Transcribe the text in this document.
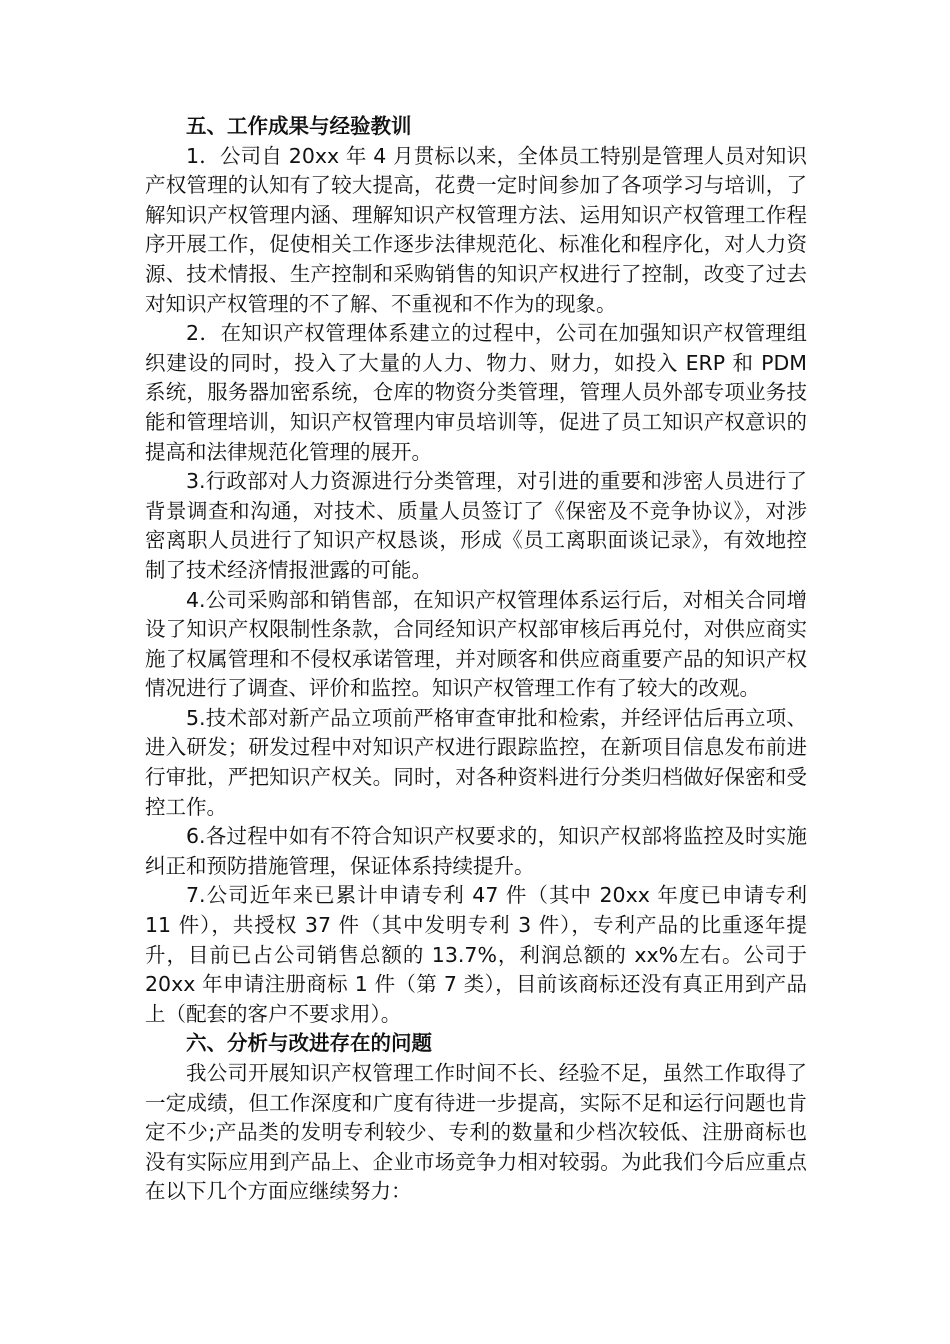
五、工作成果与经验教训

1．公司自 20xx 年 4 月贯标以来，全体员工特别是管理人员对知识产权管理的认知有了较大提高，花费一定时间参加了各项学习与培训，了解知识产权管理内涵、理解知识产权管理方法、运用知识产权管理工作程序开展工作，促使相关工作逐步法律规范化、标准化和程序化，对人力资源、技术情报、生产控制和采购销售的知识产权进行了控制，改变了过去对知识产权管理的不了解、不重视和不作为的现象。

2．在知识产权管理体系建立的过程中，公司在加强知识产权管理组织建设的同时，投入了大量的人力、物力、财力，如投入 ERP 和 PDM 系统，服务器加密系统，仓库的物资分类管理，管理人员外部专项业务技能和管理培训，知识产权管理内审员培训等，促进了员工知识产权意识的提高和法律规范化管理的展开。

3.行政部对人力资源进行分类管理，对引进的重要和涉密人员进行了背景调查和沟通，对技术、质量人员签订了《保密及不竞争协议》，对涉密离职人员进行了知识产权恳谈，形成《员工离职面谈记录》，有效地控制了技术经济情报泄露的可能。

4.公司采购部和销售部，在知识产权管理体系运行后，对相关合同增设了知识产权限制性条款，合同经知识产权部审核后再兑付，对供应商实施了权属管理和不侵权承诺管理，并对顾客和供应商重要产品的知识产权情况进行了调查、评价和监控。知识产权管理工作有了较大的改观。

5.技术部对新产品立项前严格审查审批和检索，并经评估后再立项、进入研发；研发过程中对知识产权进行跟踪监控，在新项目信息发布前进行审批，严把知识产权关。同时，对各种资料进行分类归档做好保密和受控工作。

6.各过程中如有不符合知识产权要求的，知识产权部将监控及时实施纠正和预防措施管理，保证体系持续提升。

7.公司近年来已累计申请专利 47 件（其中 20xx 年度已申请专利 11 件），共授权 37 件（其中发明专利 3 件），专利产品的比重逐年提升，目前已占公司销售总额的 13.7%，利润总额的 xx%左右。公司于 20xx 年申请注册商标 1 件（第 7 类），目前该商标还没有真正用到产品上（配套的客户不要求用）。

六、分析与改进存在的问题

我公司开展知识产权管理工作时间不长、经验不足，虽然工作取得了一定成绩，但工作深度和广度有待进一步提高，实际不足和运行问题也肯定不少;产品类的发明专利较少、专利的数量和少档次较低、注册商标也没有实际应用到产品上、企业市场竞争力相对较弱。为此我们今后应重点在以下几个方面应继续努力：
